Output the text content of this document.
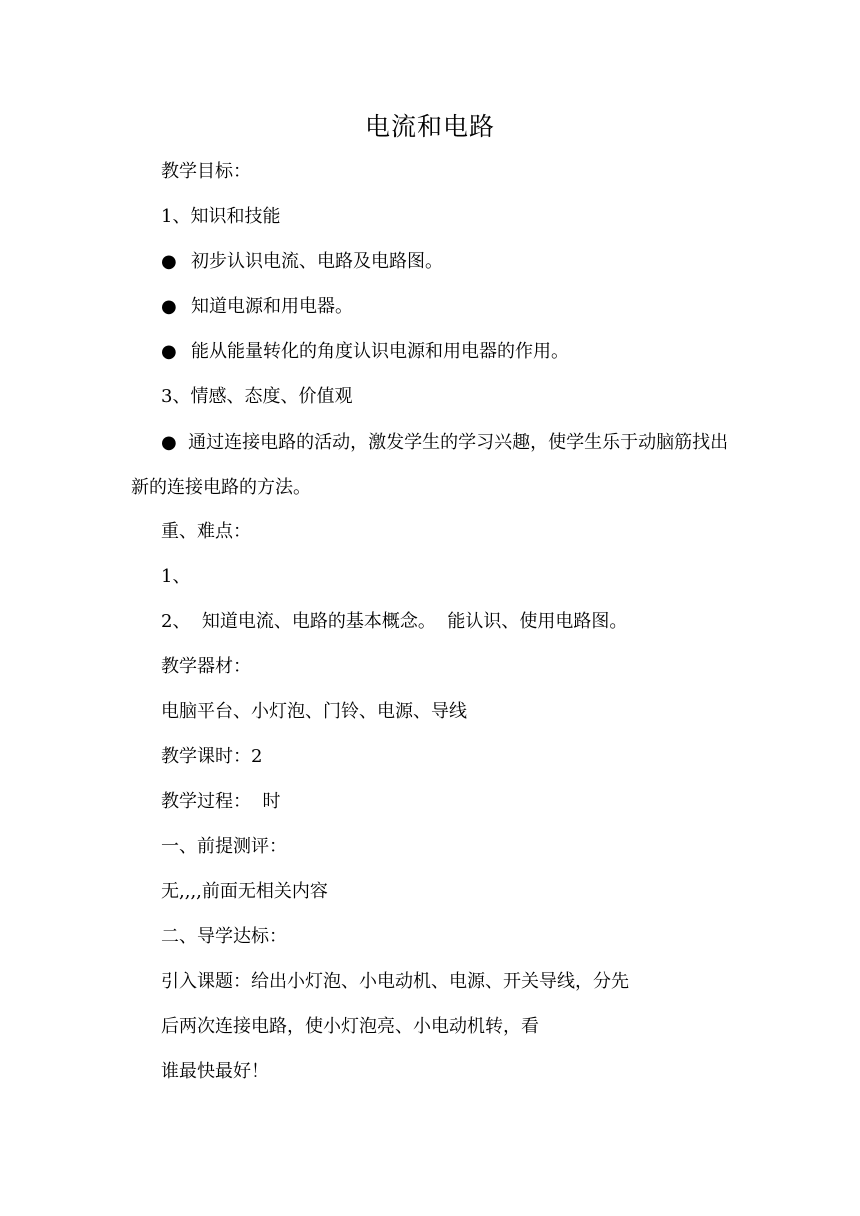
电流和电路
教学目标：
1、知识和技能
● 初步认识电流、电路及电路图。
● 知道电源和用电器。
● 能从能量转化的角度认识电源和用电器的作用。
3、情感、态度、价值观
● 通过连接电路的活动，激发学生的学习兴趣，使学生乐于动脑筋找出新的连接电路的方法。
重、难点：
1、
2、  知道电流、电路的基本概念。  能认识、使用电路图。
教学器材：
电脑平台、小灯泡、门铃、电源、导线
教学课时：2
教学过程：  时
一、前提测评：
无,,,,前面无相关内容
二、导学达标：
引入课题：给出小灯泡、小电动机、电源、开关导线，分先
后两次连接电路，使小灯泡亮、小电动机转，看
谁最快最好！
